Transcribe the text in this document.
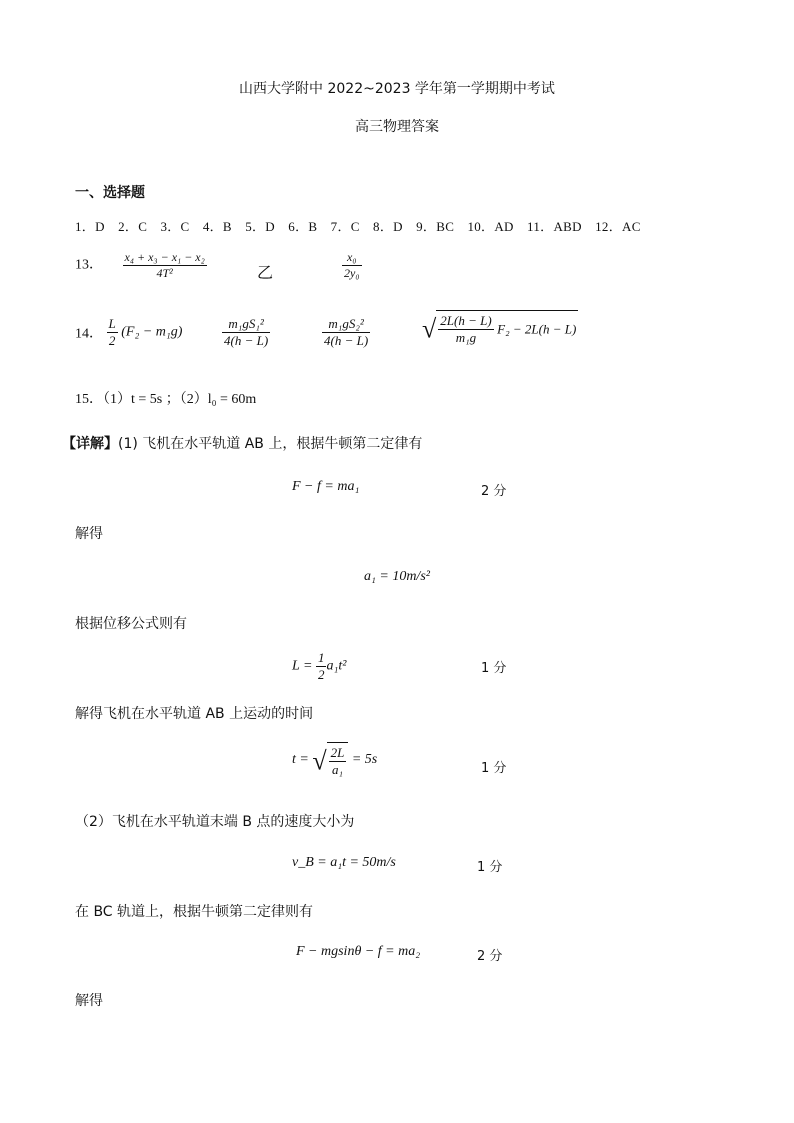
山西大学附中 2022~2023 学年第一学期期中考试
高三物理答案
一、选择题
1．D　2．C　3．C　4．B　5．D　6．B　7．C　8．D　9．BC　10．AD　11．ABD　12．AC
13． $\frac{\text{x₄ + x₃ − x₁ − x₂}}{\text{4T²}}$	乙	$\frac{\text{x₀}}{\text{2y₀}}$
14． $\frac{L}{2} (F_2 - m_1g)$	$\frac{\text{m₁gS₁²}}{4(h - L)}$	$\frac{\text{m₁gS₂²}}{4(h - L)}$ √ $\frac{2L(h - L)}{\text{m₁g}} F_2 - 2L(h - L)$
15．（1）t = 5s ；（2）l₀ = 60m
【详解】(1) 飞机在水平轨道 AB 上，根据牛顿第二定律有
F − f = ma₁	2 分
解得
a₁ = 10m/s²
根据位移公式则有
$L = \frac{1}{2} a_1t^2$	1 分
解得飞机在水平轨道 AB 上运动的时间
t = √ $\frac{2L}{\text{a₁}} = 5s$
1 分
（2）飞机在水平轨道末端 B 点的速度大小为
v_B = a₁t = 50m/s	1 分
在 BC 轨道上，根据牛顿第二定律则有
F − mgsinθ − f = ma₂	2 分
解得
